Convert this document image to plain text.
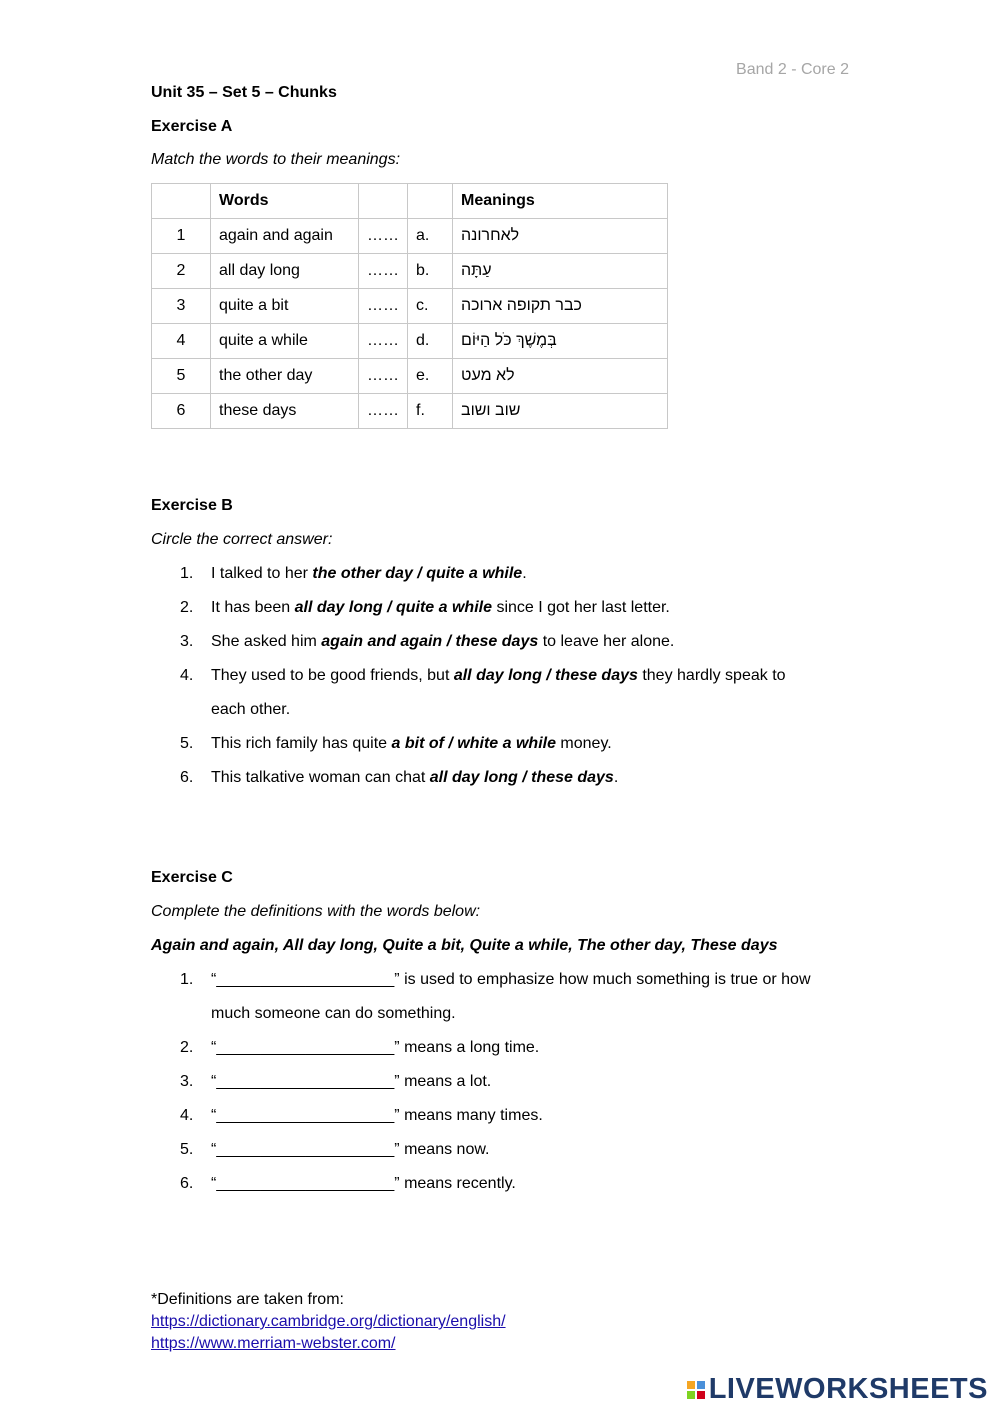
Band 2 - Core 2
Unit 35 – Set 5 – Chunks
Exercise A
Match the words to their meanings:
	Words			Meanings
1	again and again	……	a.	לאחרונה
2	all day long	……	b.	עַתָּה
3	quite a bit	……	c.	כבר תקופה ארוכה
4	quite a while	……	d.	בְּמֶשֶׁךְ כֹּל הַיּוֹם
5	the other day	……	e.	לא מעט
6	these days	……	f.	שוב ושוב
Exercise B
Circle the correct answer:
1. I talked to her the other day / quite a while.
2. It has been all day long / quite a while since I got her last letter.
3. She asked him again and again / these days to leave her alone.
4. They used to be good friends, but all day long / these days they hardly speak to
each other.
5. This rich family has quite a bit of / white a while money.
6. This talkative woman can chat all day long / these days.
Exercise C
Complete the definitions with the words below:
Again and again, All day long, Quite a bit, Quite a while, The other day, These days
1. “____________________” is used to emphasize how much something is true or how
much someone can do something.
2. “____________________” means a long time.
3. “____________________” means a lot.
4. “____________________” means many times.
5. “____________________” means now.
6. “____________________” means recently.
*Definitions are taken from:
https://dictionary.cambridge.org/dictionary/english/
https://www.merriam-webster.com/
LIVEWORKSHEETS
